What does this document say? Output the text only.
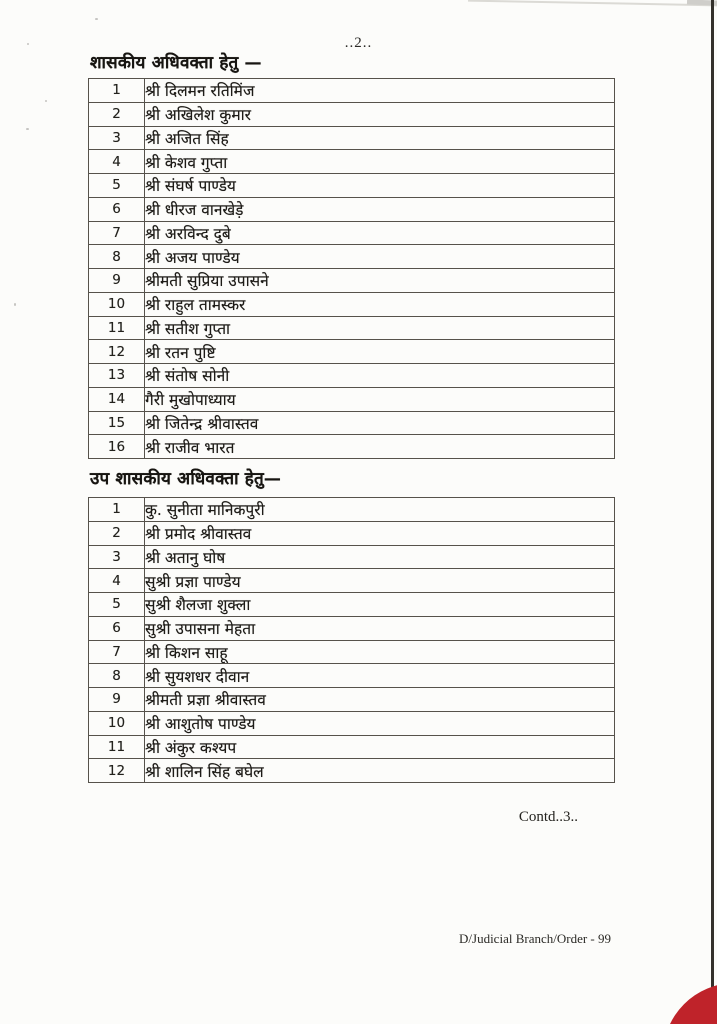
..2..
शासकीय अधिवक्ता हेतु —
1	श्री दिलमन रतिमिंज
2	श्री अखिलेश कुमार
3	श्री अजित सिंह
4	श्री केशव गुप्ता
5	श्री संघर्ष पाण्डेय
6	श्री धीरज वानखेड़े
7	श्री अरविन्द दुबे
8	श्री अजय पाण्डेय
9	श्रीमती सुप्रिया उपासने
10	श्री राहुल तामस्कर
11	श्री सतीश गुप्ता
12	श्री रतन पुष्टि
13	श्री संतोष सोनी
14	गैरी मुखोपाध्याय
15	श्री जितेन्द्र श्रीवास्तव
16	श्री राजीव भारत
उप शासकीय अधिवक्ता हेतु—
1	कु. सुनीता मानिकपुरी
2	श्री प्रमोद श्रीवास्तव
3	श्री अतानु घोष
4	सुश्री प्रज्ञा पाण्डेय
5	सुश्री शैलजा शुक्ला
6	सुश्री उपासना मेहता
7	श्री किशन साहू
8	श्री सुयशधर दीवान
9	श्रीमती प्रज्ञा श्रीवास्तव
10	श्री आशुतोष पाण्डेय
11	श्री अंकुर कश्यप
12	श्री शालिन सिंह बघेल
Contd..3..
D/Judicial Branch/Order - 99
